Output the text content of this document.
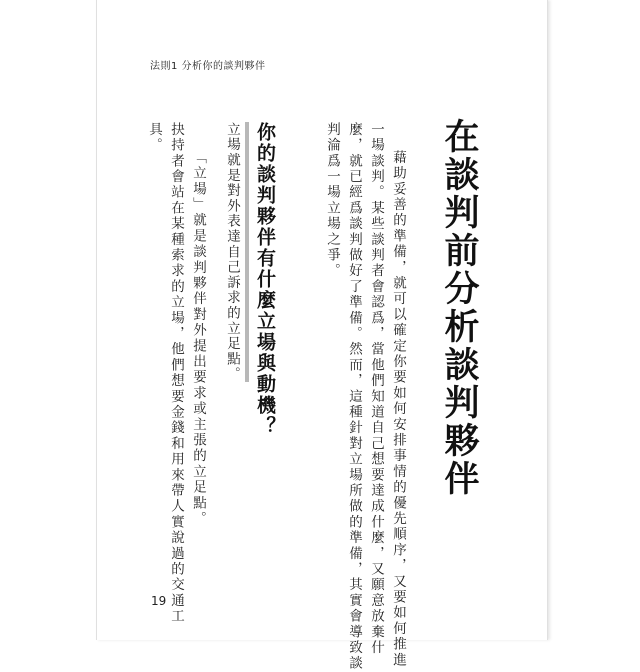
法則1 分析你的談判夥伴
在談判前分析談判夥伴
藉助妥善的準備，就可以確定你要如何安排事情的優先順序，又要如何推進
一場談判。某些談判者會認爲，當他們知道自己想要達成什麼，又願意放棄什
麼，就已經爲談判做好了準備。然而，這種針對立場所做的準備，其實會導致談
判淪爲一場立場之爭。
你的談判夥伴有什麼立場與動機？
立場就是對外表達自己訴求的立足點。
「立場」就是談判夥伴對外提出要求或主張的立足點。
抉持者會站在某種索求的立場，他們想要金錢和用來帶人實說過的交通工
具。
19
